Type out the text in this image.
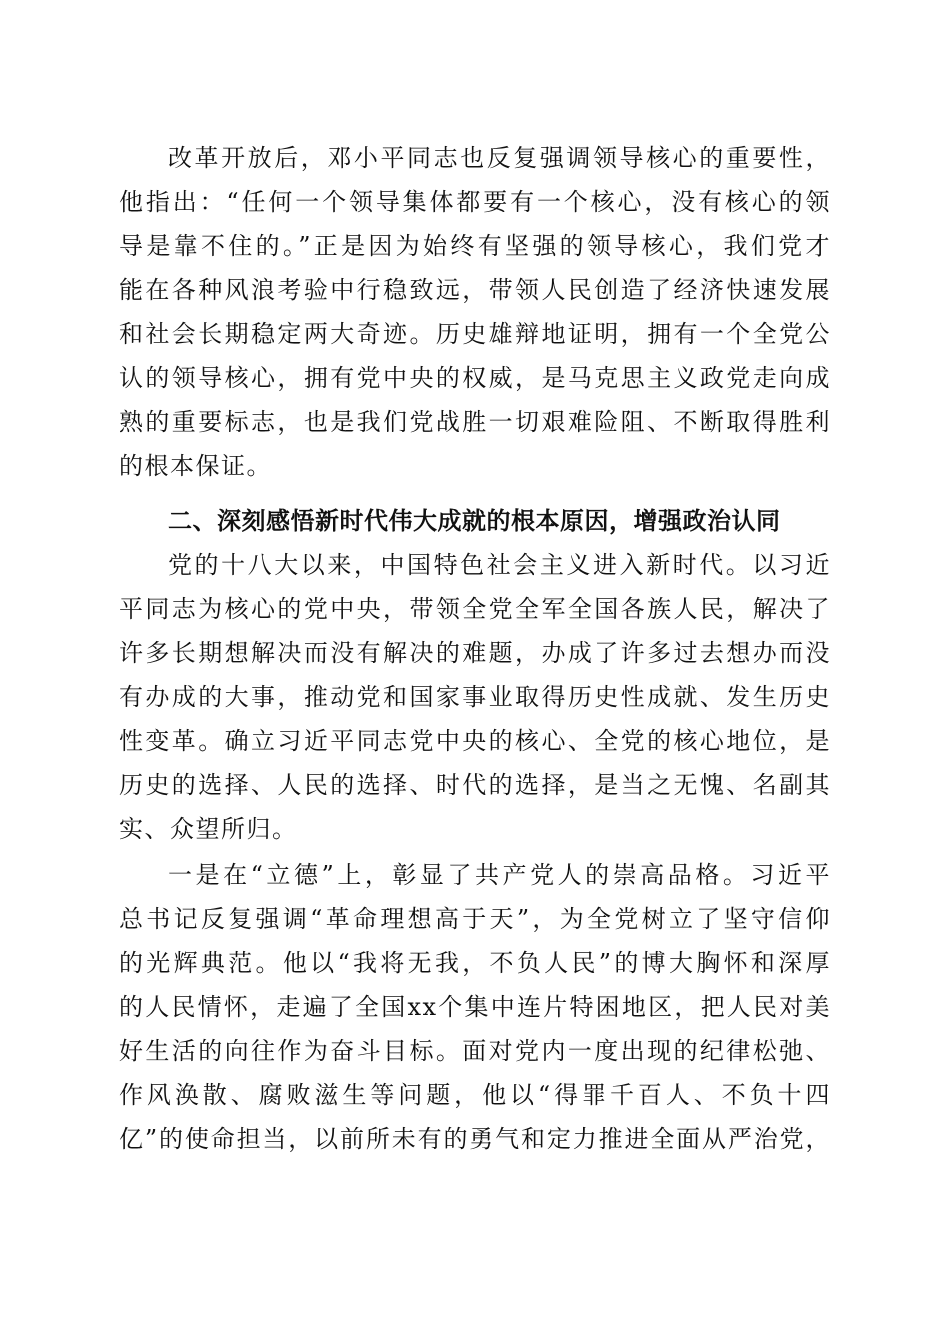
改革开放后，邓小平同志也反复强调领导核心的重要性，
他指出：“任何一个领导集体都要有一个核心，没有核心的领
导是靠不住的。”正是因为始终有坚强的领导核心，我们党才
能在各种风浪考验中行稳致远，带领人民创造了经济快速发展
和社会长期稳定两大奇迹。历史雄辩地证明，拥有一个全党公
认的领导核心，拥有党中央的权威，是马克思主义政党走向成
熟的重要标志，也是我们党战胜一切艰难险阻、不断取得胜利
的根本保证。
二、深刻感悟新时代伟大成就的根本原因，增强政治认同
党的十八大以来，中国特色社会主义进入新时代。以习近
平同志为核心的党中央，带领全党全军全国各族人民，解决了
许多长期想解决而没有解决的难题，办成了许多过去想办而没
有办成的大事，推动党和国家事业取得历史性成就、发生历史
性变革。确立习近平同志党中央的核心、全党的核心地位，是
历史的选择、人民的选择、时代的选择，是当之无愧、名副其
实、众望所归。
一是在“立德”上，彰显了共产党人的崇高品格。习近平
总书记反复强调“革命理想高于天”，为全党树立了坚守信仰
的光辉典范。他以“我将无我，不负人民”的博大胸怀和深厚
的人民情怀，走遍了全国xx个集中连片特困地区，把人民对美
好生活的向往作为奋斗目标。面对党内一度出现的纪律松弛、
作风涣散、腐败滋生等问题，他以“得罪千百人、不负十四
亿”的使命担当，以前所未有的勇气和定力推进全面从严治党，
